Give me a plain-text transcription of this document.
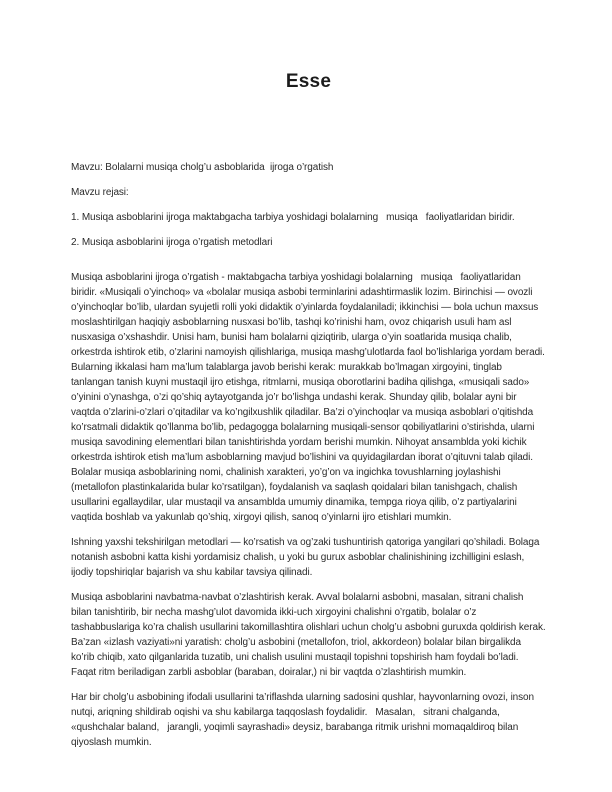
Esse

Mavzu: Bolalarni musiqa cholg’u asboblarida  ijroga o’rgatish

Mavzu rejasi:

1. Musiqa asboblarini ijroga maktabgacha tarbiya yoshidagi bolalarning   musiqa   faoliyatlaridan biridir.

2. Musiqa asboblarini ijroga o’rgatish metodlari

Musiqa asboblarini ijroga o’rgatish - maktabgacha tarbiya yoshidagi bolalarning   musiqa   faoliyatlaridan biridir. «Musiqali o’yinchoq» va «bolalar musiqa asbobi terminlarini adashtirmaslik lozim. Birinchisi — ovozli o’yinchoqlar bo’lib, ulardan syujetli rolli yoki didaktik o’yinlarda foydalaniladi; ikkinchisi — bola uchun maxsus moslashtirilgan haqiqiy asboblarning nusxasi bo’lib, tashqi ko’rinishi ham, ovoz chiqarish usuli ham asl nusxasiga o’xshashdir. Unisi ham, bunisi ham bolalarni qiziqtirib, ularga o’yin soatlarida musiqa chalib, orkestrda ishtirok etib, o’zlarini namoyish qilishlariga, musiqa mashg’ulotlarda faol bo’lishlariga yordam beradi. Bularning ikkalasi ham ma’lum talablarga javob berishi kerak: murakkab bo’lmagan xirgoyini, tinglab tanlangan tanish kuyni mustaqil ijro etishga, ritmlarni, musiqa oborotlarini badiha qilishga, «musiqali sado» o’yinini o’ynashga, o’zi qo’shiq aytayotganda jo’r bo’lishga undashi kerak. Shunday qilib, bolalar ayni bir vaqtda o’zlarini-o’zlari o’qitadilar va ko’ngilxushlik qiladilar. Ba’zi o’yinchoqlar va musiqa asboblari o’qitishda ko’rsatmali didaktik qo’llanma bo’lib, pedagogga bolalarning musiqali-sensor qobiliyatlarini o’stirishda, ularni musiqa savodining elementlari bilan tanishtirishda yordam berishi mumkin. Nihoyat ansamblda yoki kichik orkestrda ishtirok etish ma’lum asboblarning mavjud bo’lishini va quyidagilardan iborat o’qituvni talab qiladi. Bolalar musiqa asboblarining nomi, chalinish xarakteri, yo’g’on va ingichka tovushlarning joylashishi (metallofon plastinkalarida bular ko’rsatilgan), foydalanish va saqlash qoidalari bilan tanishgach, chalish usullarini egallaydilar, ular mustaqil va ansamblda umumiy dinamika, tempga rioya qilib, o’z partiyalarini vaqtida boshlab va yakunlab qo’shiq, xirgoyi qilish, sanoq o’yinlarni ijro etishlari mumkin.

Ishning yaxshi tekshirilgan metodlari — ko’rsatish va og’zaki tushuntirish qatoriga yangilari qo’shiladi. Bolaga notanish asbobni katta kishi yordamisiz chalish, u yoki bu gurux asboblar chalinishining izchilligini eslash, ijodiy topshiriqlar bajarish va shu kabilar tavsiya qilinadi.

Musiqa asboblarini navbatma-navbat o’zlashtirish kerak. Avval bolalarni asbobni, masalan, sitrani chalish bilan tanishtirib, bir necha mashg’ulot davomida ikki-uch xirgoyini chalishni o’rgatib, bolalar o’z tashabbuslariga ko’ra chalish usullarini takomillashtira olishlari uchun cholg’u asbobni guruxda qoldirish kerak. Ba’zan «izlash vaziyati»ni yaratish: cholg’u asbobini (metallofon, triol, akkordeon) bolalar bilan birgalikda ko’rib chiqib, xato qilganlarida tuzatib, uni chalish usulini mustaqil topishni topshirish ham foydali bo’ladi. Faqat ritm beriladigan zarbli asboblar (baraban, doiralar,) ni bir vaqtda o’zlashtirish mumkin.

Har bir cholg’u asbobining ifodali usullarini ta’riflashda ularning sadosini qushlar, hayvonlarning ovozi, inson nutqi, ariqning shildirab oqishi va shu kabilarga taqqoslash foydalidir.   Masalan,   sitrani chalganda,   «qushchalar baland,   jarangli, yoqimli sayrashadi» deysiz, barabanga ritmik urishni momaqaldiroq bilan qiyoslash mumkin.
